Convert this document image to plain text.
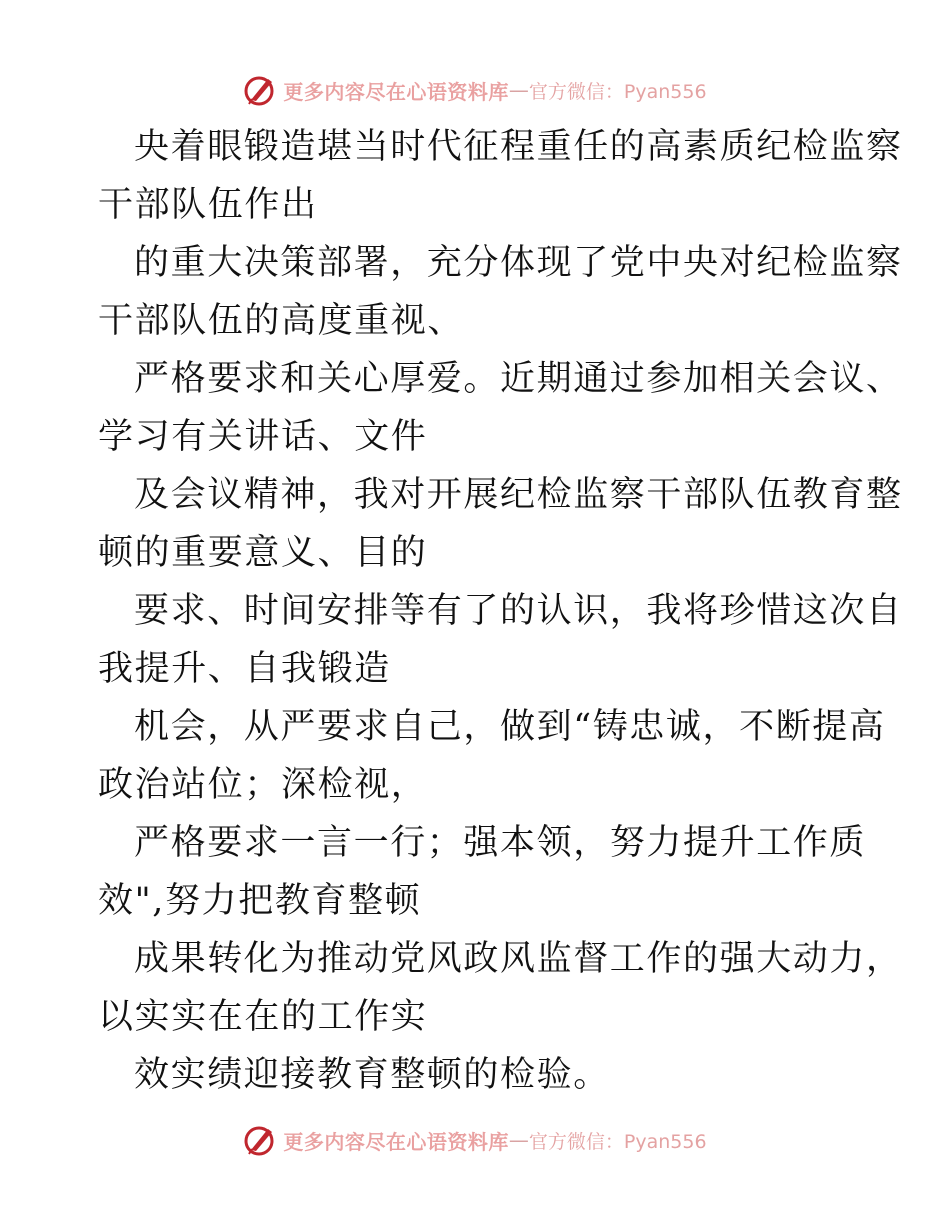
更多内容尽在心语资料库 — 官方微信：Pyan556
央着眼锻造堪当时代征程重任的高素质纪检监察
干部队伍作出
的重大决策部署，充分体现了党中央对纪检监察
干部队伍的高度重视、
严格要求和关心厚爱。近期通过参加相关会议、
学习有关讲话、文件
及会议精神，我对开展纪检监察干部队伍教育整
顿的重要意义、目的
要求、时间安排等有了的认识，我将珍惜这次自
我提升、自我锻造
机会，从严要求自己，做到“铸忠诚，不断提高
政治站位；深检视，
严格要求一言一行；强本领，努力提升工作质
效",努力把教育整顿
成果转化为推动党风政风监督工作的强大动力，
以实实在在的工作实
效实绩迎接教育整顿的检验。
更多内容尽在心语资料库 — 官方微信：Pyan556
